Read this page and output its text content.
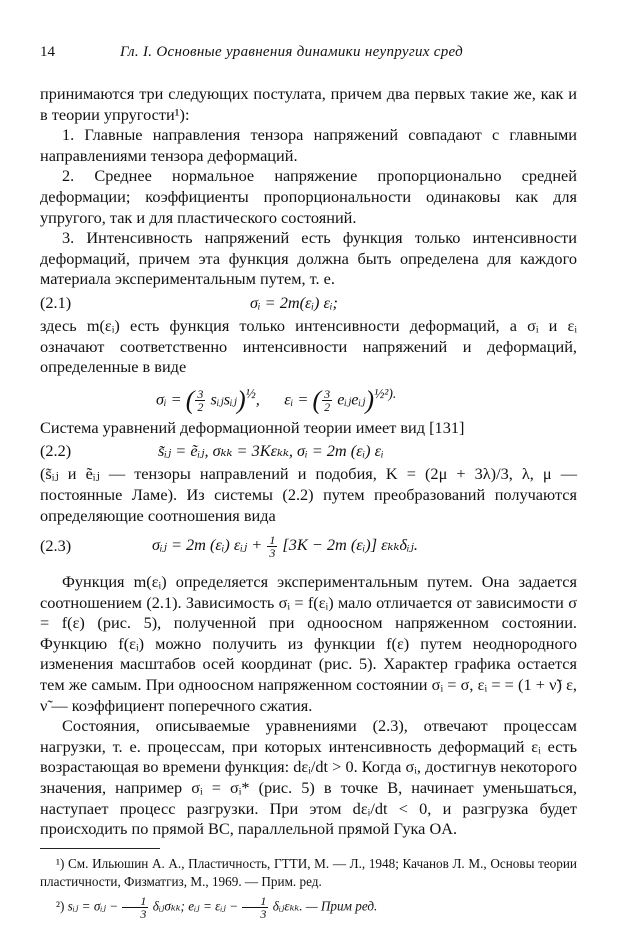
14	Гл. I. Основные уравнения динамики неупругих сред

принимаются три следующих постулата, причем два первых такие же, как и в теории упругости¹):

1. Главные направления тензора напряжений совпадают с главными направлениями тензора деформаций.

2. Среднее нормальное напряжение пропорционально средней деформации; коэффициенты пропорциональности одинаковы как для упругого, так и для пластического состояний.

3. Интенсивность напряжений есть функция только интенсивности деформаций, причем эта функция должна быть определена для каждого материала экспериментальным путем, т. е.

(2.1)	σᵢ = 2m(εᵢ) εᵢ;

здесь m(εᵢ) есть функция только интенсивности деформаций, а σᵢ и εᵢ означают соответственно интенсивности напряжений и деформаций, определенные в виде

σᵢ = ( $\frac{3}{2}$ sᵢⱼsᵢⱼ)$^{\frac{1}{2}}$,      εᵢ = ( $\frac{3}{2}$ eᵢⱼeᵢⱼ)$^{\frac{1}{2}^2).}$

Система уравнений деформационной теории имеет вид [131]

(2.2)	s̃ᵢⱼ = ẽᵢⱼ, σₖₖ = 3Kεₖₖ, σᵢ = 2m (εᵢ) εᵢ

(s̃ᵢⱼ и ẽᵢⱼ — тензоры направлений и подобия, K = (2μ + 3λ)/3, λ, μ — постоянные Ламе). Из системы (2.2) путем преобразований получаются определяющие соотношения вида

(2.3)	σᵢⱼ = 2m (εᵢ) εᵢⱼ + $\frac{1}{3} [3K - 2m$ (εᵢ)] εₖₖδᵢⱼ.

Функция m(εᵢ) определяется экспериментальным путем. Она задается соотношением (2.1). Зависимость σᵢ = f(εᵢ) мало отличается от зависимости σ = f(ε) (рис. 5), полученной при одноосном напряженном состоянии. Функцию f(εᵢ) можно получить из функции f(ε) путем неоднородного изменения масштабов осей координат (рис. 5). Характер графика остается тем же самым. При одноосном напряженном состоянии σᵢ = σ, εᵢ = = (1 + ν̃) ε, ν̃ — коэффициент поперечного сжатия.

Состояния, описываемые уравнениями (2.3), отвечают процессам нагрузки, т. е. процессам, при которых интенсивность деформаций εᵢ есть возрастающая во времени функция: dεᵢ/dt > 0. Когда σᵢ, достигнув некоторого значения, например σᵢ = σᵢ* (рис. 5) в точке B, начинает уменьшаться, наступает процесс разгрузки. При этом dεᵢ/dt < 0, и разгрузка будет происходить по прямой BC, параллельной прямой Гука OA.

¹) См. Ильюшин А. А., Пластичность, ГТТИ, М. — Л., 1948; Качанов Л. М., Основы теории пластичности, Физматгиз, М., 1969. — Прим. ред.

²) sᵢⱼ = σᵢⱼ − $\frac{1}{3}$ δᵢⱼσₖₖ; eᵢⱼ = εᵢⱼ − $\frac{1}{3}$ δᵢⱼεₖₖ. — Прим ред.
